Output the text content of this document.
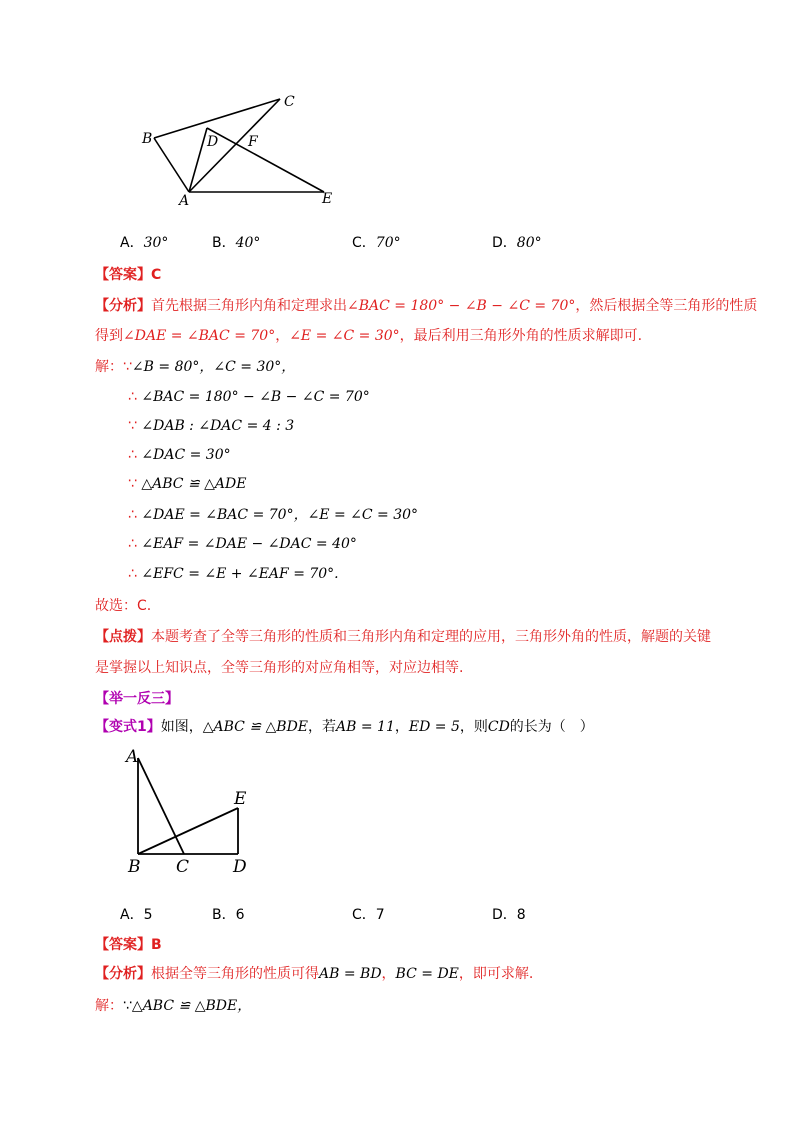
C
B	D F
A	E
A．30°	B．40°	C．70°	D．80°
【答案】C
【分析】首先根据三角形内角和定理求出∠BAC = 180° − ∠B − ∠C = 70°，然后根据全等三角形的性质
得到∠DAE = ∠BAC = 70°，∠E = ∠C = 30°，最后利用三角形外角的性质求解即可.
解：∵∠B = 80°，∠C = 30°，
∴ ∠BAC = 180° − ∠B − ∠C = 70°
∵ ∠DAB : ∠DAC = 4 : 3
∴ ∠DAC = 30°
∵ △ABC ≌ △ADE
∴ ∠DAE = ∠BAC = 70°，∠E = ∠C = 30°
∴ ∠EAF = ∠DAE − ∠DAC = 40°
∴ ∠EFC = ∠E + ∠EAF = 70°.
故选：C.
【点拨】本题考查了全等三角形的性质和三角形内角和定理的应用，三角形外角的性质，解题的关键
是掌握以上知识点，全等三角形的对应角相等，对应边相等.
【举一反三】
【变式1】如图，△ABC ≌ △BDE，若AB = 11，ED = 5，则CD的长为（　）
A
E
B C	D
A．5	B．6	C．7	D．8
【答案】B
【分析】根据全等三角形的性质可得AB = BD，BC = DE，即可求解.
解：∵△ABC ≌ △BDE，
